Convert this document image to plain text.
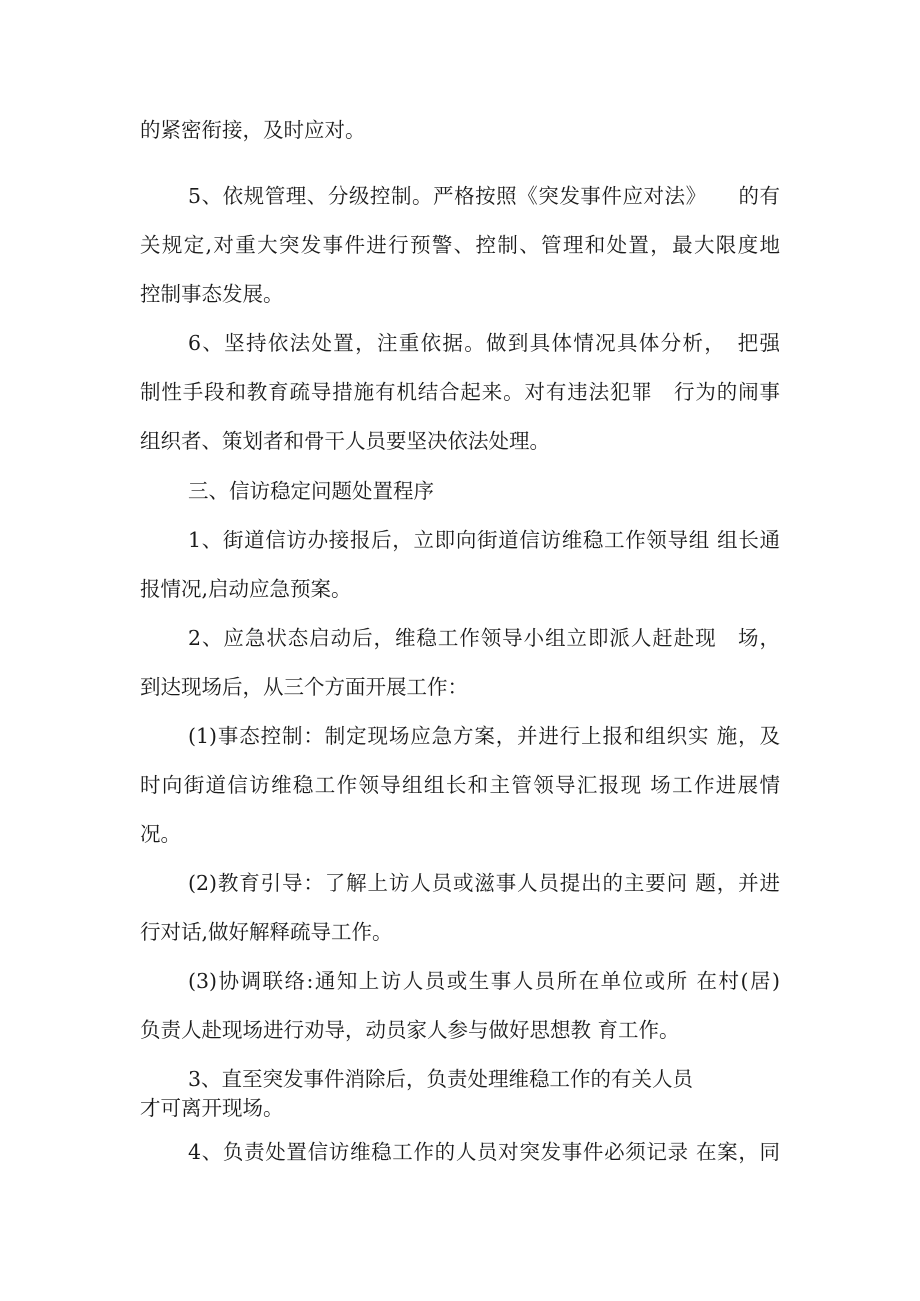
的紧密衔接，及时应对。

5、依规管理、分级控制。严格按照《突发事件应对法》　　的有

关规定,对重大突发事件进行预警、控制、管理和处置，最大限度地

控制事态发展。

6、坚持依法处置，注重依据。做到具体情况具体分析，　把强

制性手段和教育疏导措施有机结合起来。对有违法犯罪　行为的闹事

组织者、策划者和骨干人员要坚决依法处理。

三、信访稳定问题处置程序

1、街道信访办接报后，立即向街道信访维稳工作领导组 组长通

报情况,启动应急预案。

2、应急状态启动后，维稳工作领导小组立即派人赶赴现　场，

到达现场后，从三个方面开展工作：

(1)事态控制：制定现场应急方案，并进行上报和组织实 施，及

时向街道信访维稳工作领导组组长和主管领导汇报现 场工作进展情

况。

(2)教育引导：了解上访人员或滋事人员提出的主要问 题，并进

行对话,做好解释疏导工作。

(3)协调联络:通知上访人员或生事人员所在单位或所 在村(居)

负责人赴现场进行劝导，动员家人参与做好思想教 育工作。

3、直至突发事件消除后，负责处理维稳工作的有关人员

才可离开现场。

4、负责处置信访维稳工作的人员对突发事件必须记录 在案，同
